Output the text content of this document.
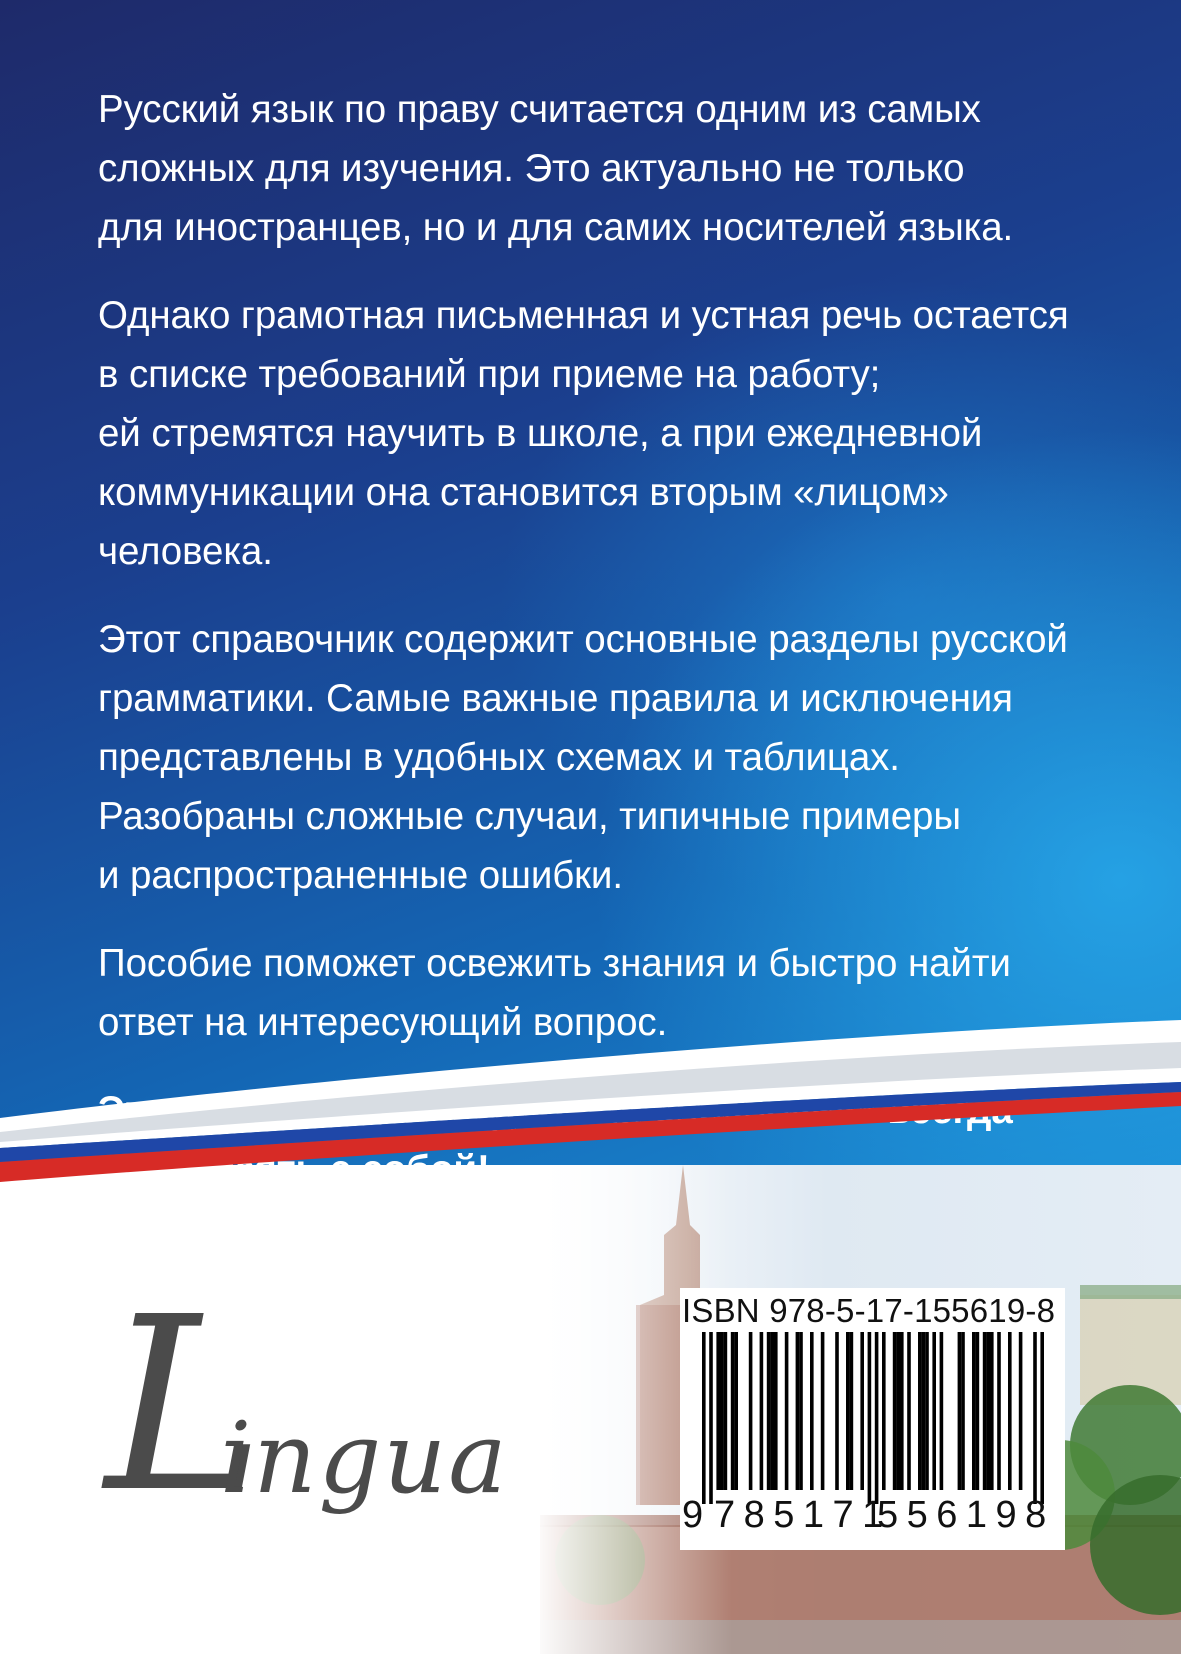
Русский язык по праву считается одним из самых
сложных для изучения. Это актуально не только
для иностранцев, но и для самих носителей языка.

Однако грамотная письменная и устная речь остается
в списке требований при приеме на работу;
ей стремятся научить в школе, а при ежедневной
коммуникации она становится вторым «лицом»
человека.

Этот справочник содержит основные разделы русской
грамматики. Самые важные правила и исключения
представлены в удобных схемах и таблицах.
Разобраны сложные случаи, типичные примеры
и распространенные ошибки.

Пособие поможет освежить знания и быстро найти
ответ на интересующий вопрос.

L
ingua
ISBN 978-5-17-155619-8
9 785171
556198
